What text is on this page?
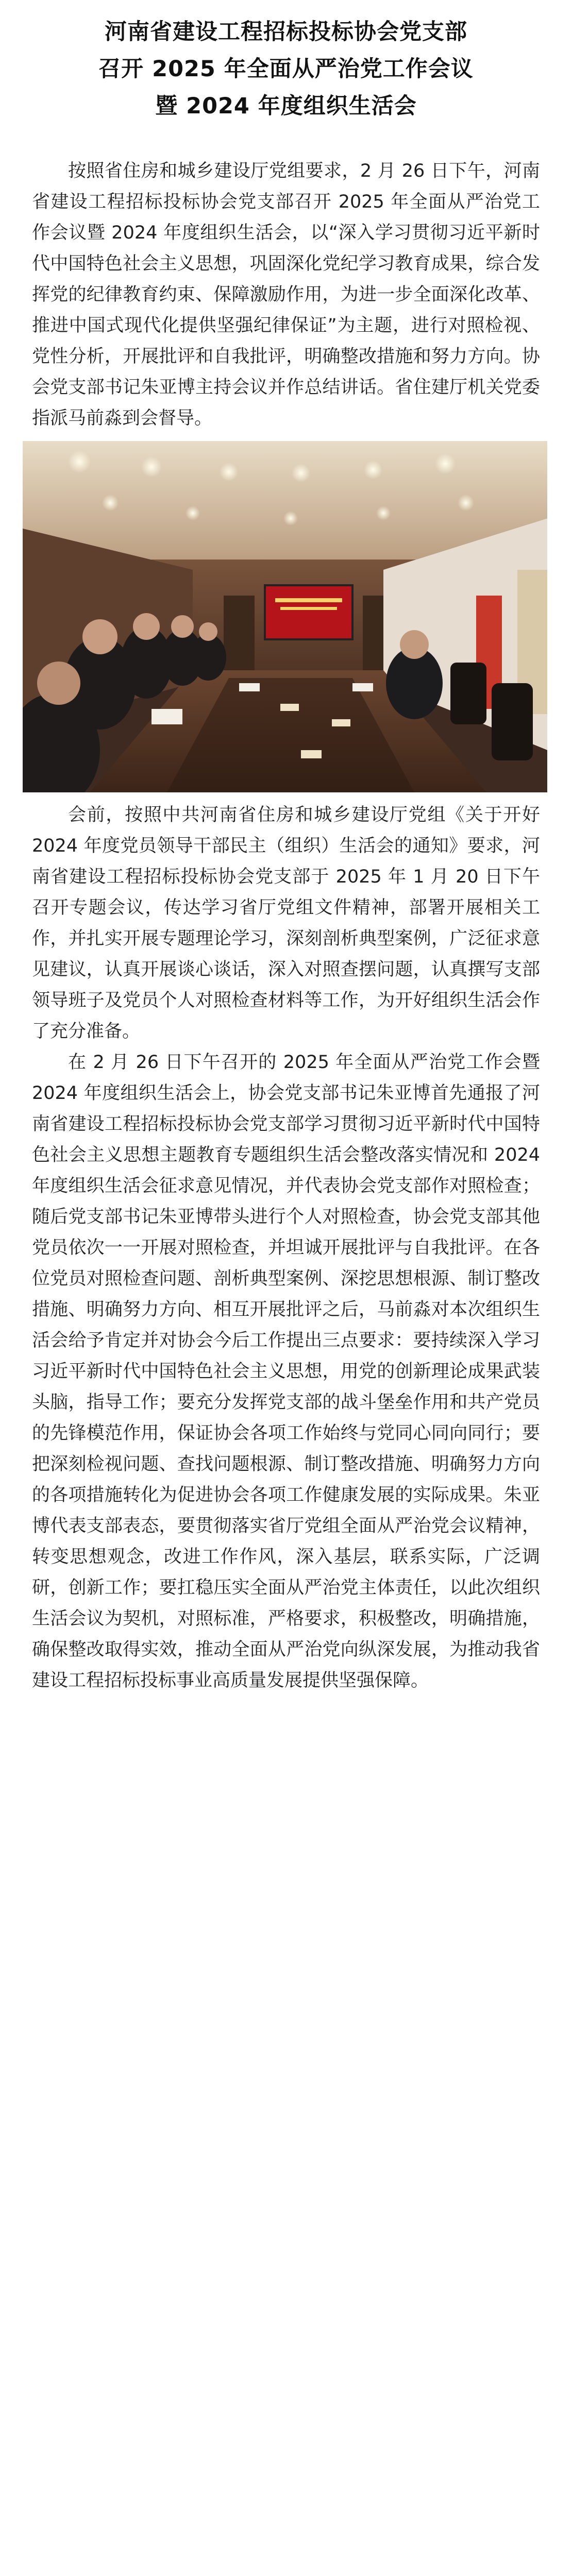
河南省建设工程招标投标协会党支部
召开 2025 年全面从严治党工作会议
暨 2024 年度组织生活会

按照省住房和城乡建设厅党组要求，2 月 26 日下午，河南省建设工程招标投标协会党支部召开 2025 年全面从严治党工作会议暨 2024 年度组织生活会，以“深入学习贯彻习近平新时代中国特色社会主义思想，巩固深化党纪学习教育成果，综合发挥党的纪律教育约束、保障激励作用，为进一步全面深化改革、推进中国式现代化提供坚强纪律保证”为主题，进行对照检视、党性分析，开展批评和自我批评，明确整改措施和努力方向。协会党支部书记朱亚博主持会议并作总结讲话。省住建厅机关党委指派马前淼到会督导。

会前，按照中共河南省住房和城乡建设厅党组《关于开好 2024 年度党员领导干部民主（组织）生活会的通知》要求，河南省建设工程招标投标协会党支部于 2025 年 1 月 20 日下午召开专题会议，传达学习省厅党组文件精神，部署开展相关工作，并扎实开展专题理论学习，深刻剖析典型案例，广泛征求意见建议，认真开展谈心谈话，深入对照查摆问题，认真撰写支部领导班子及党员个人对照检查材料等工作，为开好组织生活会作了充分准备。

在 2 月 26 日下午召开的 2025 年全面从严治党工作会暨 2024 年度组织生活会上，协会党支部书记朱亚博首先通报了河南省建设工程招标投标协会党支部学习贯彻习近平新时代中国特色社会主义思想主题教育专题组织生活会整改落实情况和 2024 年度组织生活会征求意见情况，并代表协会党支部作对照检查；随后党支部书记朱亚博带头进行个人对照检查，协会党支部其他党员依次一一开展对照检查，并坦诚开展批评与自我批评。在各位党员对照检查问题、剖析典型案例、深挖思想根源、制订整改措施、明确努力方向、相互开展批评之后，马前淼对本次组织生活会给予肯定并对协会今后工作提出三点要求：要持续深入学习习近平新时代中国特色社会主义思想，用党的创新理论成果武装头脑，指导工作；要充分发挥党支部的战斗堡垒作用和共产党员的先锋模范作用，保证协会各项工作始终与党同心同向同行；要把深刻检视问题、查找问题根源、制订整改措施、明确努力方向的各项措施转化为促进协会各项工作健康发展的实际成果。朱亚博代表支部表态，要贯彻落实省厅党组全面从严治党会议精神，转变思想观念，改进工作作风，深入基层，联系实际，广泛调研，创新工作；要扛稳压实全面从严治党主体责任，以此次组织生活会议为契机，对照标准，严格要求，积极整改，明确措施，确保整改取得实效，推动全面从严治党向纵深发展，为推动我省建设工程招标投标事业高质量发展提供坚强保障。
